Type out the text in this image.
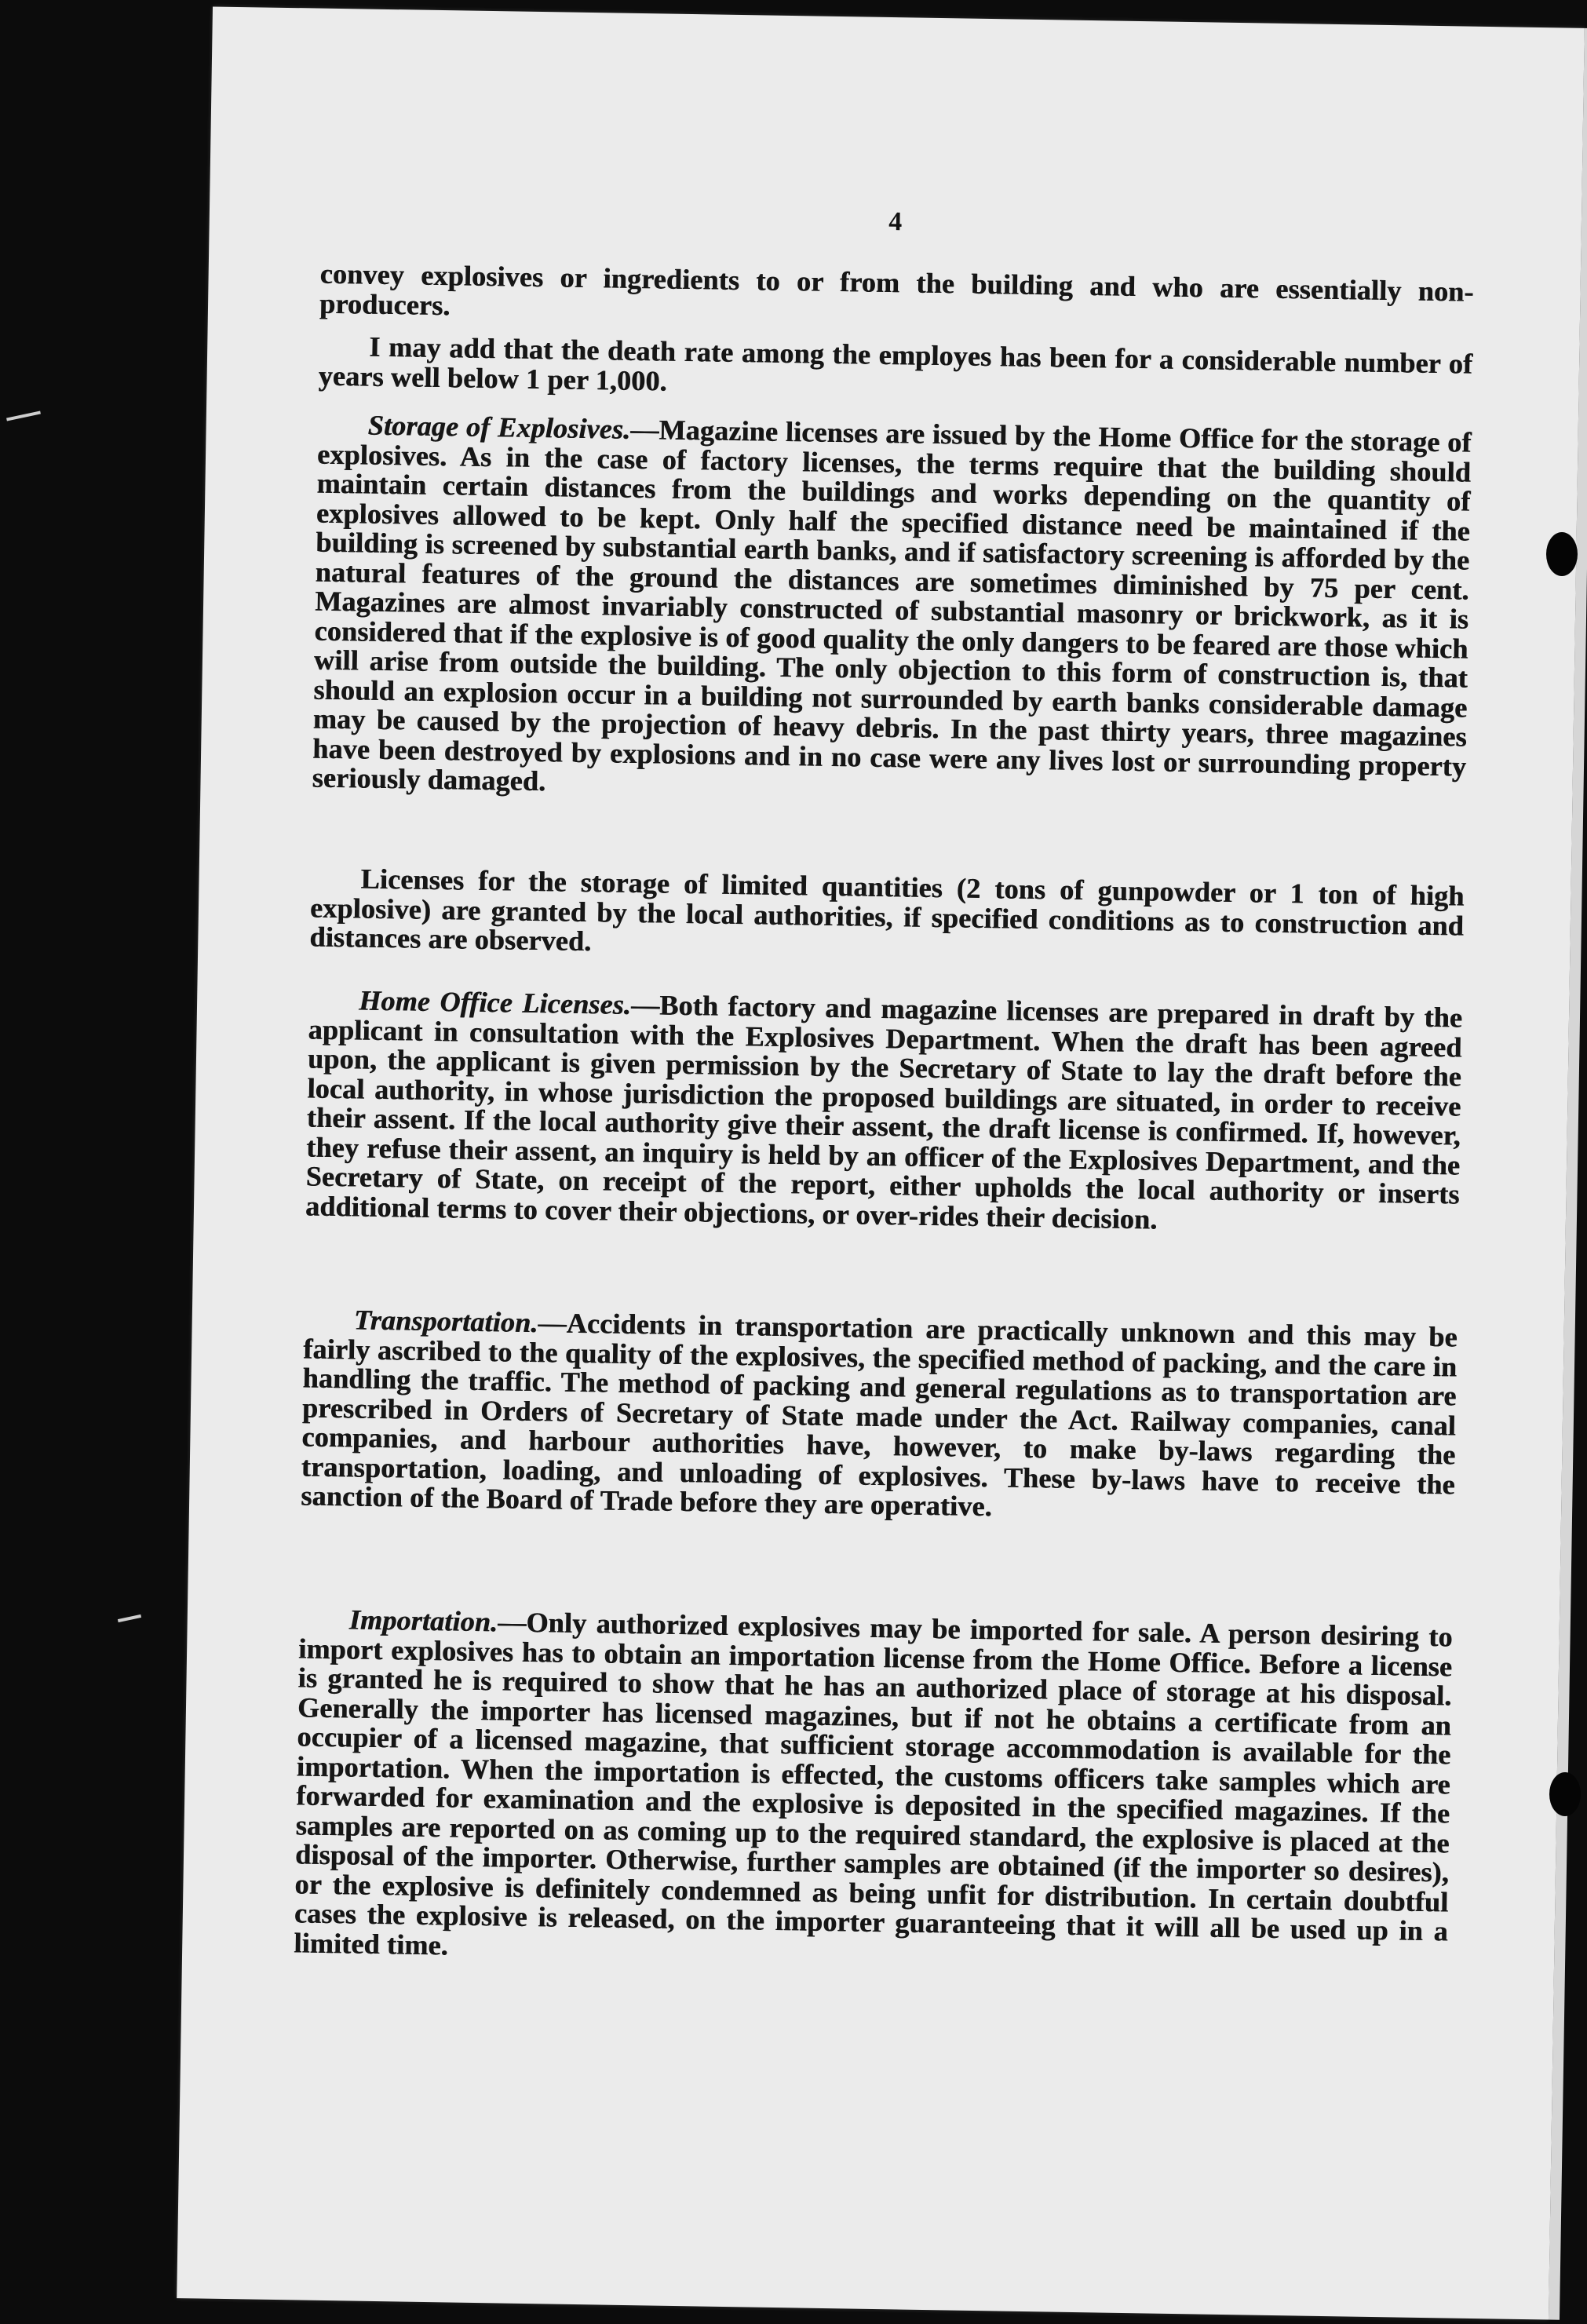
4

convey explosives or ingredients to or from the building and who are essentially non-producers.

I may add that the death rate among the employes has been for a considerable number of years well below 1 per 1,000.

Storage of Explosives.—Magazine licenses are issued by the Home Office for the storage of explosives. As in the case of factory licenses, the terms require that the building should maintain certain distances from the buildings and works depending on the quantity of explosives allowed to be kept. Only half the specified distance need be maintained if the building is screened by substantial earth banks, and if satisfactory screening is afforded by the natural features of the ground the distances are sometimes diminished by 75 per cent. Magazines are almost invariably constructed of substantial masonry or brickwork, as it is considered that if the explosive is of good quality the only dangers to be feared are those which will arise from outside the building. The only objection to this form of construction is, that should an explosion occur in a building not surrounded by earth banks considerable damage may be caused by the projection of heavy debris. In the past thirty years, three magazines have been destroyed by explosions and in no case were any lives lost or surrounding property seriously damaged.

Licenses for the storage of limited quantities (2 tons of gunpowder or 1 ton of high explosive) are granted by the local authorities, if specified conditions as to construction and distances are observed.

Home Office Licenses.—Both factory and magazine licenses are prepared in draft by the applicant in consultation with the Explosives Department. When the draft has been agreed upon, the applicant is given permission by the Secretary of State to lay the draft before the local authority, in whose jurisdiction the proposed buildings are situated, in order to receive their assent. If the local authority give their assent, the draft license is confirmed. If, however, they refuse their assent, an inquiry is held by an officer of the Explosives Department, and the Secretary of State, on receipt of the report, either upholds the local authority or inserts additional terms to cover their objections, or over-rides their decision.

Transportation.—Accidents in transportation are practically unknown and this may be fairly ascribed to the quality of the explosives, the specified method of packing, and the care in handling the traffic. The method of packing and general regulations as to transportation are prescribed in Orders of Secretary of State made under the Act. Railway companies, canal companies, and harbour authorities have, however, to make by-laws regarding the transportation, loading, and unloading of explosives. These by-laws have to receive the sanction of the Board of Trade before they are operative.

Importation.—Only authorized explosives may be imported for sale. A person desiring to import explosives has to obtain an importation license from the Home Office. Before a license is granted he is required to show that he has an authorized place of storage at his disposal. Generally the importer has licensed magazines, but if not he obtains a certificate from an occupier of a licensed magazine, that sufficient storage accommodation is available for the importation. When the importation is effected, the customs officers take samples which are forwarded for examination and the explosive is deposited in the specified magazines. If the samples are reported on as coming up to the required standard, the explosive is placed at the disposal of the importer. Otherwise, further samples are obtained (if the importer so desires), or the explosive is definitely condemned as being unfit for distribution. In certain doubtful cases the explosive is released, on the importer guaranteeing that it will all be used up in a limited time.
